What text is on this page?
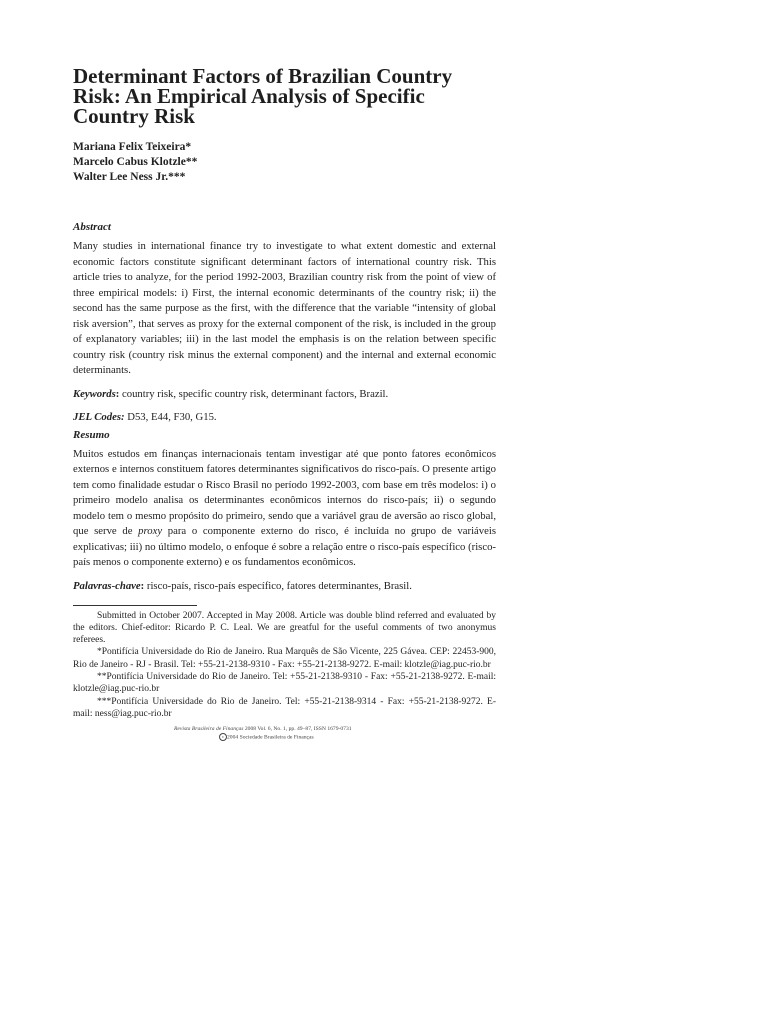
Determinant Factors of Brazilian Country Risk: An Empirical Analysis of Specific Country Risk
Mariana Felix Teixeira*
Marcelo Cabus Klotzle**
Walter Lee Ness Jr.***
Abstract
Many studies in international finance try to investigate to what extent domestic and external economic factors constitute significant determinant factors of international country risk. This article tries to analyze, for the period 1992-2003, Brazilian country risk from the point of view of three empirical models: i) First, the internal economic determinants of the country risk; ii) the second has the same purpose as the first, with the difference that the variable “intensity of global risk aversion”, that serves as proxy for the external component of the risk, is included in the group of explanatory variables; iii) in the last model the emphasis is on the relation between specific country risk (country risk minus the external component) and the internal and external economic determinants.
Keywords: country risk, specific country risk, determinant factors, Brazil.
JEL Codes: D53, E44, F30, G15.
Resumo
Muitos estudos em finanças internacionais tentam investigar até que ponto fatores econômicos externos e internos constituem fatores determinantes significativos do risco-país. O presente artigo tem como finalidade estudar o Risco Brasil no período 1992-2003, com base em três modelos: i) o primeiro modelo analisa os determinantes econômicos internos do risco-país; ii) o segundo modelo tem o mesmo propósito do primeiro, sendo que a variável grau de aversão ao risco global, que serve de proxy para o componente externo do risco, é incluída no grupo de variáveis explicativas; iii) no último modelo, o enfoque é sobre a relação entre o risco-país específico (risco-país menos o componente externo) e os fundamentos econômicos.
Palavras-chave: risco-país, risco-país específico, fatores determinantes, Brasil.

Submitted in October 2007. Accepted in May 2008. Article was double blind referred and evaluated by the editors. Chief-editor: Ricardo P. C. Leal. We are greatful for the useful comments of two anonymus referees.

*Pontifícia Universidade do Rio de Janeiro. Rua Marquês de São Vicente, 225 Gávea. CEP: 22453-900, Rio de Janeiro - RJ - Brasil. Tel: +55-21-2138-9310 - Fax: +55-21-2138-9272. E-mail: klotzle@iag.puc-rio.br

**Pontifícia Universidade do Rio de Janeiro. Tel: +55-21-2138-9310 - Fax: +55-21-2138-9272. E-mail: klotzle@iag.puc-rio.br

***Pontifícia Universidade do Rio de Janeiro. Tel: +55-21-2138-9314 - Fax: +55-21-2138-9272. E-mail: ness@iag.puc-rio.br

Revista Brasileira de Finanças 2008 Vol. 6, No. 1, pp. 49–87, ISSN 1679-0731
c 2004 Sociedade Brasileira de Finanças
